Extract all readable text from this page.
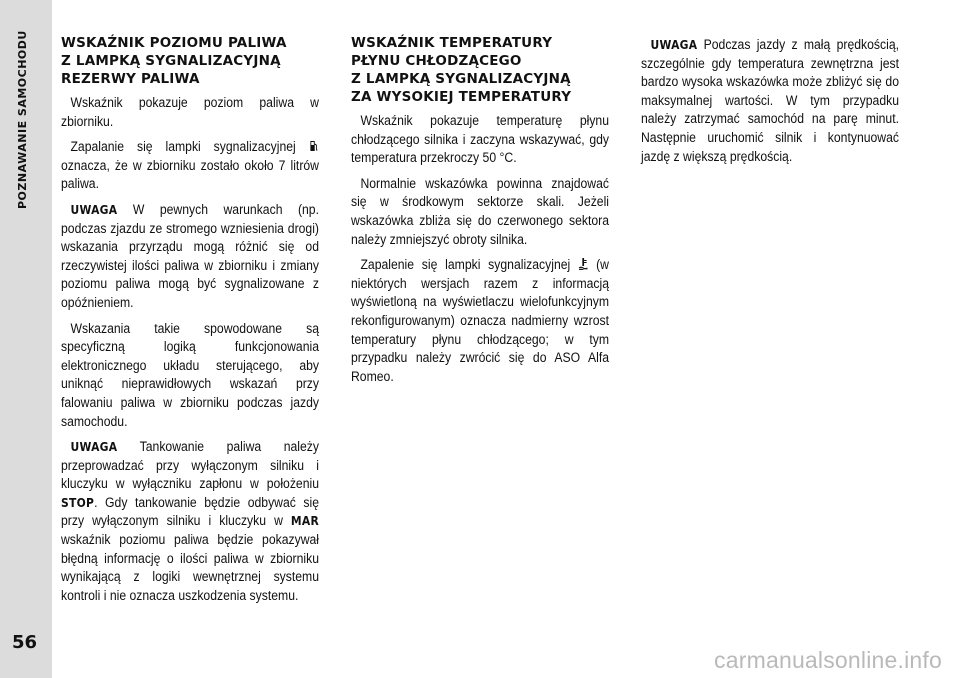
POZNAWANIE SAMOCHODU
56
WSKAŹNIK POZIOMU PALIWA
Z LAMPKĄ SYGNALIZACYJNĄ
REZERWY PALIWA

Wskaźnik pokazuje poziom paliwa w zbiorniku.

Zapalanie się lampki sygnalizacyjnej  oznacza, że w zbiorniku zostało około 7 litrów paliwa.

UWAGA W pewnych warunkach (np. podczas zjazdu ze stromego wzniesienia drogi) wskazania przyrządu mogą różnić się od rzeczywistej ilości paliwa w zbiorniku i zmiany poziomu paliwa mogą być sygnalizowane z opóźnieniem.

Wskazania takie spowodowane są specyficzną logiką funkcjonowania elektronicznego układu sterującego, aby uniknąć nieprawidłowych wskazań przy falowaniu paliwa w zbiorniku podczas jazdy samochodu.

UWAGA Tankowanie paliwa należy przeprowadzać przy wyłączonym silniku i kluczyku w wyłączniku zapłonu w położeniu STOP. Gdy tankowanie będzie odbywać się przy wyłączonym silniku i kluczyku w MAR wskaźnik poziomu paliwa będzie pokazywał błędną informację o ilości paliwa w zbiorniku wynikającą z logiki wewnętrznej systemu kontroli i nie oznacza uszkodzenia systemu.

WSKAŹNIK TEMPERATURY
PŁYNU CHŁODZĄCEGO
Z LAMPKĄ SYGNALIZACYJNĄ
ZA WYSOKIEJ TEMPERATURY

Wskaźnik pokazuje temperaturę płynu chłodzącego silnika i zaczyna wskazywać, gdy temperatura przekroczy 50 °C.

Normalnie wskazówka powinna znajdować się w środkowym sektorze skali. Jeżeli wskazówka zbliża się do czerwonego sektora należy zmniejszyć obroty silnika.

Zapalenie się lampki sygnalizacyjnej (w niektórych wersjach razem z informacją wyświetloną na wyświetlaczu wielofunkcyjnym rekonfigurowanym) oznacza nadmierny wzrost temperatury płynu chłodzącego; w tym przypadku należy zwrócić się do ASO Alfa Romeo.

UWAGA Podczas jazdy z małą prędkością, szczególnie gdy temperatura zewnętrzna jest bardzo wysoka wskazówka może zbliżyć się do maksymalnej wartości. W tym przypadku należy zatrzymać samochód na parę minut. Następnie uruchomić silnik i kontynuować jazdę z większą prędkością.

carmanualsonline.info
